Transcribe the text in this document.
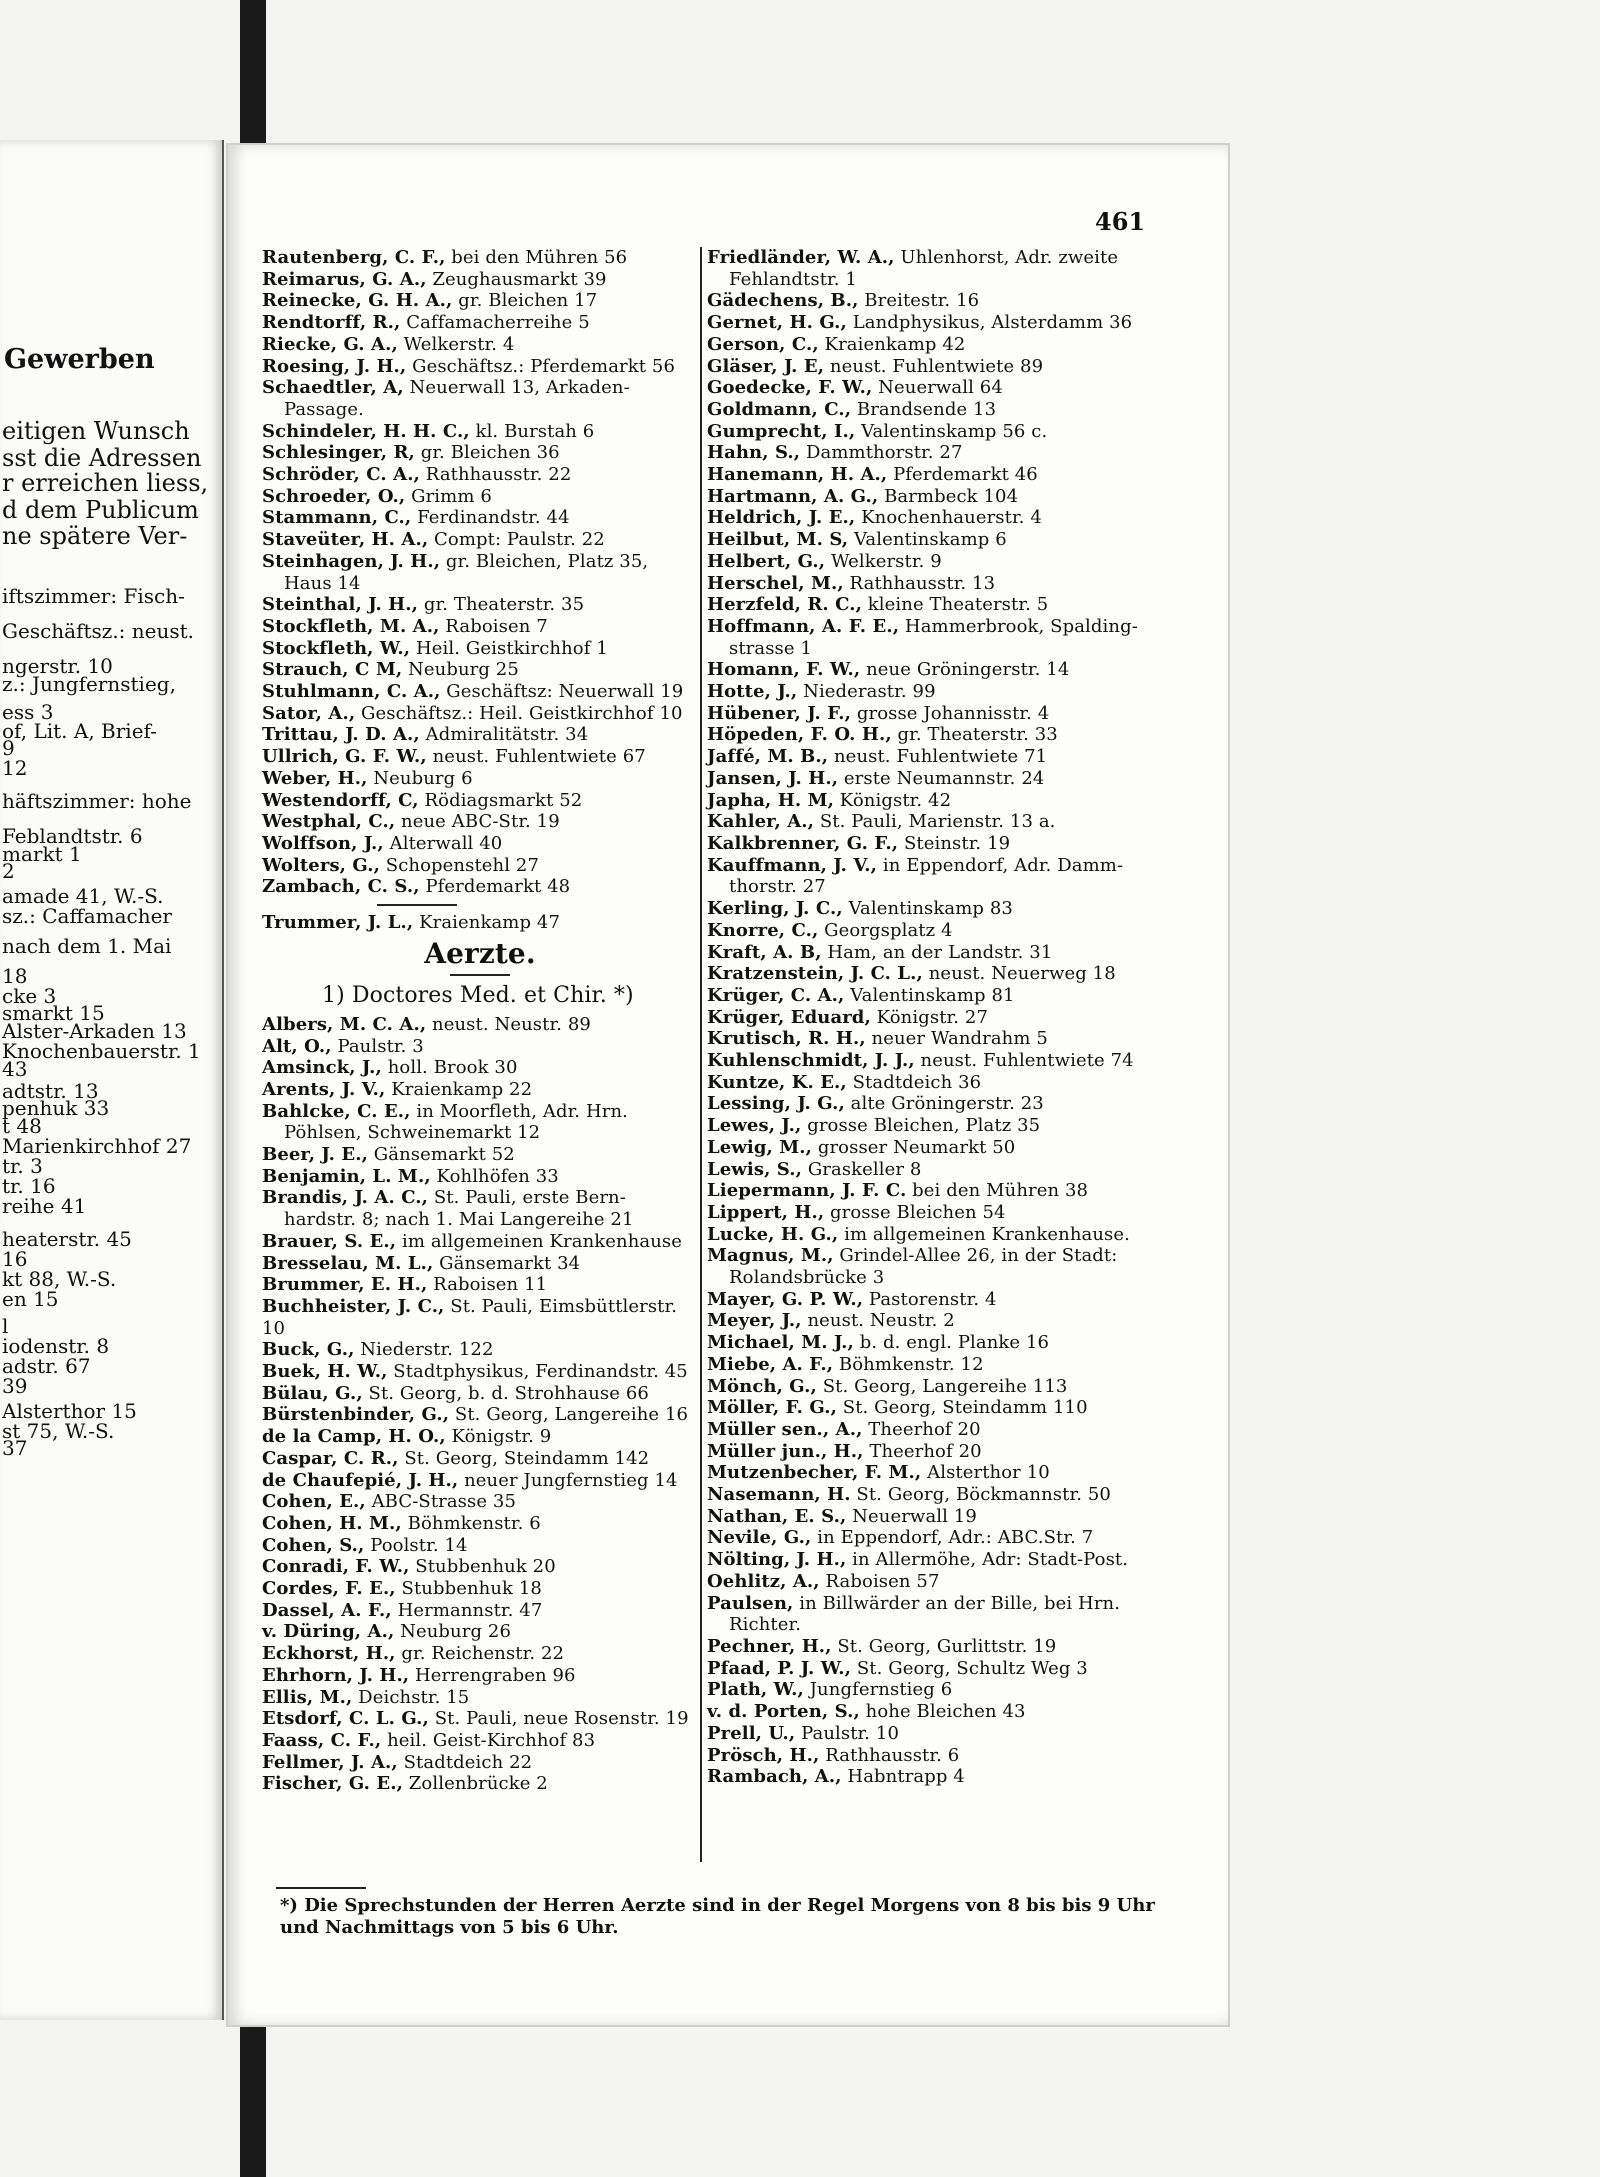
Gewerben
eitigen Wunsch
sst die Adressen
r erreichen liess,
d dem Publicum
ne spätere Ver-
iftszimmer: Fisch-
Geschäftsz.: neust.
ngerstr. 10
z.: Jungfernstieg,
ess 3
of, Lit. A, Brief-
9
12
häftszimmer: hohe
Feblandtstr. 6
markt 1
2
amade 41, W.-S.
sz.: Caffamacher
nach dem 1. Mai
18
cke 3
smarkt 15
Alster-Arkaden 13
Knochenbauerstr. 1
43
adtstr. 13
penhuk 33
t 48
Marienkirchhof 27
tr. 3
tr. 16
reihe 41
heaterstr. 45
16
kt 88, W.-S.
en 15
l
iodenstr. 8
adstr. 67
39
Alsterthor 15
st 75, W.-S.
37
461
Rautenberg, C. F., bei den Mühren 56
Reimarus, G. A., Zeughausmarkt 39
Reinecke, G. H. A., gr. Bleichen 17
Rendtorff, R., Caffamacherreihe 5
Riecke, G. A., Welkerstr. 4
Roesing, J. H., Geschäftsz.: Pferdemarkt 56
Schaedtler, A, Neuerwall 13, Arkaden-
Passage.
Schindeler, H. H. C., kl. Burstah 6
Schlesinger, R, gr. Bleichen 36
Schröder, C. A., Rathhausstr. 22
Schroeder, O., Grimm 6
Stammann, C., Ferdinandstr. 44
Staveüter, H. A., Compt: Paulstr. 22
Steinhagen, J. H., gr. Bleichen, Platz 35,
Haus 14
Steinthal, J. H., gr. Theaterstr. 35
Stockfleth, M. A., Raboisen 7
Stockfleth, W., Heil. Geistkirchhof 1
Strauch, C M, Neuburg 25
Stuhlmann, C. A., Geschäftsz: Neuerwall 19
Sator, A., Geschäftsz.: Heil. Geistkirchhof 10
Trittau, J. D. A., Admiralitätstr. 34
Ullrich, G. F. W., neust. Fuhlentwiete 67
Weber, H., Neuburg 6
Westendorff, C, Rödiagsmarkt 52
Westphal, C., neue ABC-Str. 19
Wolffson, J., Alterwall 40
Wolters, G., Schopenstehl 27
Zambach, C. S., Pferdemarkt 48
Trummer, J. L., Kraienkamp 47
Aerzte.
1) Doctores Med. et Chir. *)
Albers, M. C. A., neust. Neustr. 89
Alt, O., Paulstr. 3
Amsinck, J., holl. Brook 30
Arents, J. V., Kraienkamp 22
Bahlcke, C. E., in Moorfleth, Adr. Hrn.
Pöhlsen, Schweinemarkt 12
Beer, J. E., Gänsemarkt 52
Benjamin, L. M., Kohlhöfen 33
Brandis, J. A. C., St. Pauli, erste Bern-
hardstr. 8; nach 1. Mai Langereihe 21
Brauer, S. E., im allgemeinen Krankenhause
Bresselau, M. L., Gänsemarkt 34
Brummer, E. H., Raboisen 11
Buchheister, J. C., St. Pauli, Eimsbüttlerstr. 10
Buck, G., Niederstr. 122
Buek, H. W., Stadtphysikus, Ferdinandstr. 45
Bülau, G., St. Georg, b. d. Strohhause 66
Bürstenbinder, G., St. Georg, Langereihe 16
de la Camp, H. O., Königstr. 9
Caspar, C. R., St. Georg, Steindamm 142
de Chaufepié, J. H., neuer Jungfernstieg 14
Cohen, E., ABC-Strasse 35
Cohen, H. M., Böhmkenstr. 6
Cohen, S., Poolstr. 14
Conradi, F. W., Stubbenhuk 20
Cordes, F. E., Stubbenhuk 18
Dassel, A. F., Hermannstr. 47
v. Düring, A., Neuburg 26
Eckhorst, H., gr. Reichenstr. 22
Ehrhorn, J. H., Herrengraben 96
Ellis, M., Deichstr. 15
Etsdorf, C. L. G., St. Pauli, neue Rosenstr. 19
Faass, C. F., heil. Geist-Kirchhof 83
Fellmer, J. A., Stadtdeich 22
Fischer, G. E., Zollenbrücke 2
Friedländer, W. A., Uhlenhorst, Adr. zweite
Fehlandtstr. 1
Gädechens, B., Breitestr. 16
Gernet, H. G., Landphysikus, Alsterdamm 36
Gerson, C., Kraienkamp 42
Gläser, J. E, neust. Fuhlentwiete 89
Goedecke, F. W., Neuerwall 64
Goldmann, C., Brandsende 13
Gumprecht, I., Valentinskamp 56 c.
Hahn, S., Dammthorstr. 27
Hanemann, H. A., Pferdemarkt 46
Hartmann, A. G., Barmbeck 104
Heldrich, J. E., Knochenhauerstr. 4
Heilbut, M. S, Valentinskamp 6
Helbert, G., Welkerstr. 9
Herschel, M., Rathhausstr. 13
Herzfeld, R. C., kleine Theaterstr. 5
Hoffmann, A. F. E., Hammerbrook, Spalding-
strasse 1
Homann, F. W., neue Gröningerstr. 14
Hotte, J., Niederastr. 99
Hübener, J. F., grosse Johannisstr. 4
Höpeden, F. O. H., gr. Theaterstr. 33
Jaffé, M. B., neust. Fuhlentwiete 71
Jansen, J. H., erste Neumannstr. 24
Japha, H. M, Königstr. 42
Kahler, A., St. Pauli, Marienstr. 13 a.
Kalkbrenner, G. F., Steinstr. 19
Kauffmann, J. V., in Eppendorf, Adr. Damm-
thorstr. 27
Kerling, J. C., Valentinskamp 83
Knorre, C., Georgsplatz 4
Kraft, A. B, Ham, an der Landstr. 31
Kratzenstein, J. C. L., neust. Neuerweg 18
Krüger, C. A., Valentinskamp 81
Krüger, Eduard, Königstr. 27
Krutisch, R. H., neuer Wandrahm 5
Kuhlenschmidt, J. J., neust. Fuhlentwiete 74
Kuntze, K. E., Stadtdeich 36
Lessing, J. G., alte Gröningerstr. 23
Lewes, J., grosse Bleichen, Platz 35
Lewig, M., grosser Neumarkt 50
Lewis, S., Graskeller 8
Liepermann, J. F. C. bei den Mühren 38
Lippert, H., grosse Bleichen 54
Lucke, H. G., im allgemeinen Krankenhause.
Magnus, M., Grindel-Allee 26, in der Stadt:
Rolandsbrücke 3
Mayer, G. P. W., Pastorenstr. 4
Meyer, J., neust. Neustr. 2
Michael, M. J., b. d. engl. Planke 16
Miebe, A. F., Böhmkenstr. 12
Mönch, G., St. Georg, Langereihe 113
Möller, F. G., St. Georg, Steindamm 110
Müller sen., A., Theerhof 20
Müller jun., H., Theerhof 20
Mutzenbecher, F. M., Alsterthor 10
Nasemann, H. St. Georg, Böckmannstr. 50
Nathan, E. S., Neuerwall 19
Nevile, G., in Eppendorf, Adr.: ABC.Str. 7
Nölting, J. H., in Allermöhe, Adr: Stadt-Post.
Oehlitz, A., Raboisen 57
Paulsen, in Billwärder an der Bille, bei Hrn.
Richter.
Pechner, H., St. Georg, Gurlittstr. 19
Pfaad, P. J. W., St. Georg, Schultz Weg 3
Plath, W., Jungfernstieg 6
v. d. Porten, S., hohe Bleichen 43
Prell, U., Paulstr. 10
Prösch, H., Rathhausstr. 6
Rambach, A., Habntrapp 4
*) Die Sprechstunden der Herren Aerzte sind in der Regel Morgens von 8 bis bis 9 Uhr und Nachmittags von 5 bis 6 Uhr.
